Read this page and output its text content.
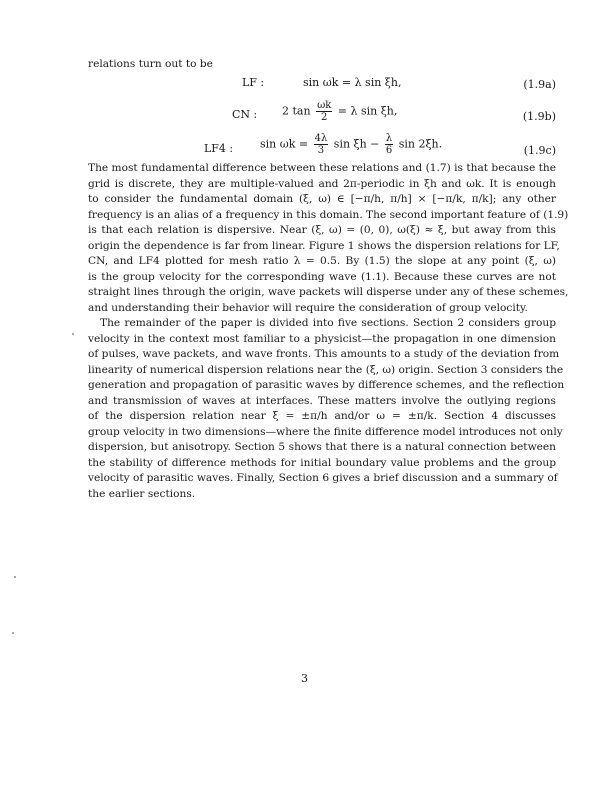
relations turn out to be
LF :	sin ωk = λ sin ξh,	(1.9a)
CN : 2 $\tan \frac{\omega k}{2} = \lambda$ sin ξh,	(1.9b)
LF4 : $\sin \omega k = \frac{4\lambda}{3}$ $\sin \xi h - \frac{\lambda}{6}$ sin 2ξh.	(1.9c)
The most fundamental difference between these relations and (1.7) is that because the
grid is discrete, they are multiple-valued and 2π-periodic in ξh and ωk. It is enough
to consider the fundamental domain (ξ, ω) ∈ [−π/h, π/h] × [−π/k, π/k]; any other
frequency is an alias of a frequency in this domain. The second important feature of (1.9)
is that each relation is dispersive. Near (ξ, ω) = (0, 0), ω(ξ) ≈ ξ, but away from this
origin the dependence is far from linear. Figure 1 shows the dispersion relations for LF,
CN, and LF4 plotted for mesh ratio λ = 0.5. By (1.5) the slope at any point (ξ, ω)
is the group velocity for the corresponding wave (1.1). Because these curves are not
straight lines through the origin, wave packets will disperse under any of these schemes,
and understanding their behavior will require the consideration of group velocity.
The remainder of the paper is divided into five sections. Section 2 considers group
velocity in the context most familiar to a physicist—the propagation in one dimension
of pulses, wave packets, and wave fronts. This amounts to a study of the deviation from
linearity of numerical dispersion relations near the (ξ, ω) origin. Section 3 considers the
generation and propagation of parasitic waves by difference schemes, and the reflection
and transmission of waves at interfaces. These matters involve the outlying regions
of the dispersion relation near ξ = ±π/h and/or ω = ±π/k. Section 4 discusses
group velocity in two dimensions—where the finite difference model introduces not only
dispersion, but anisotropy. Section 5 shows that there is a natural connection between
the stability of difference methods for initial boundary value problems and the group
velocity of parasitic waves. Finally, Section 6 gives a brief discussion and a summary of
the earlier sections.
3
